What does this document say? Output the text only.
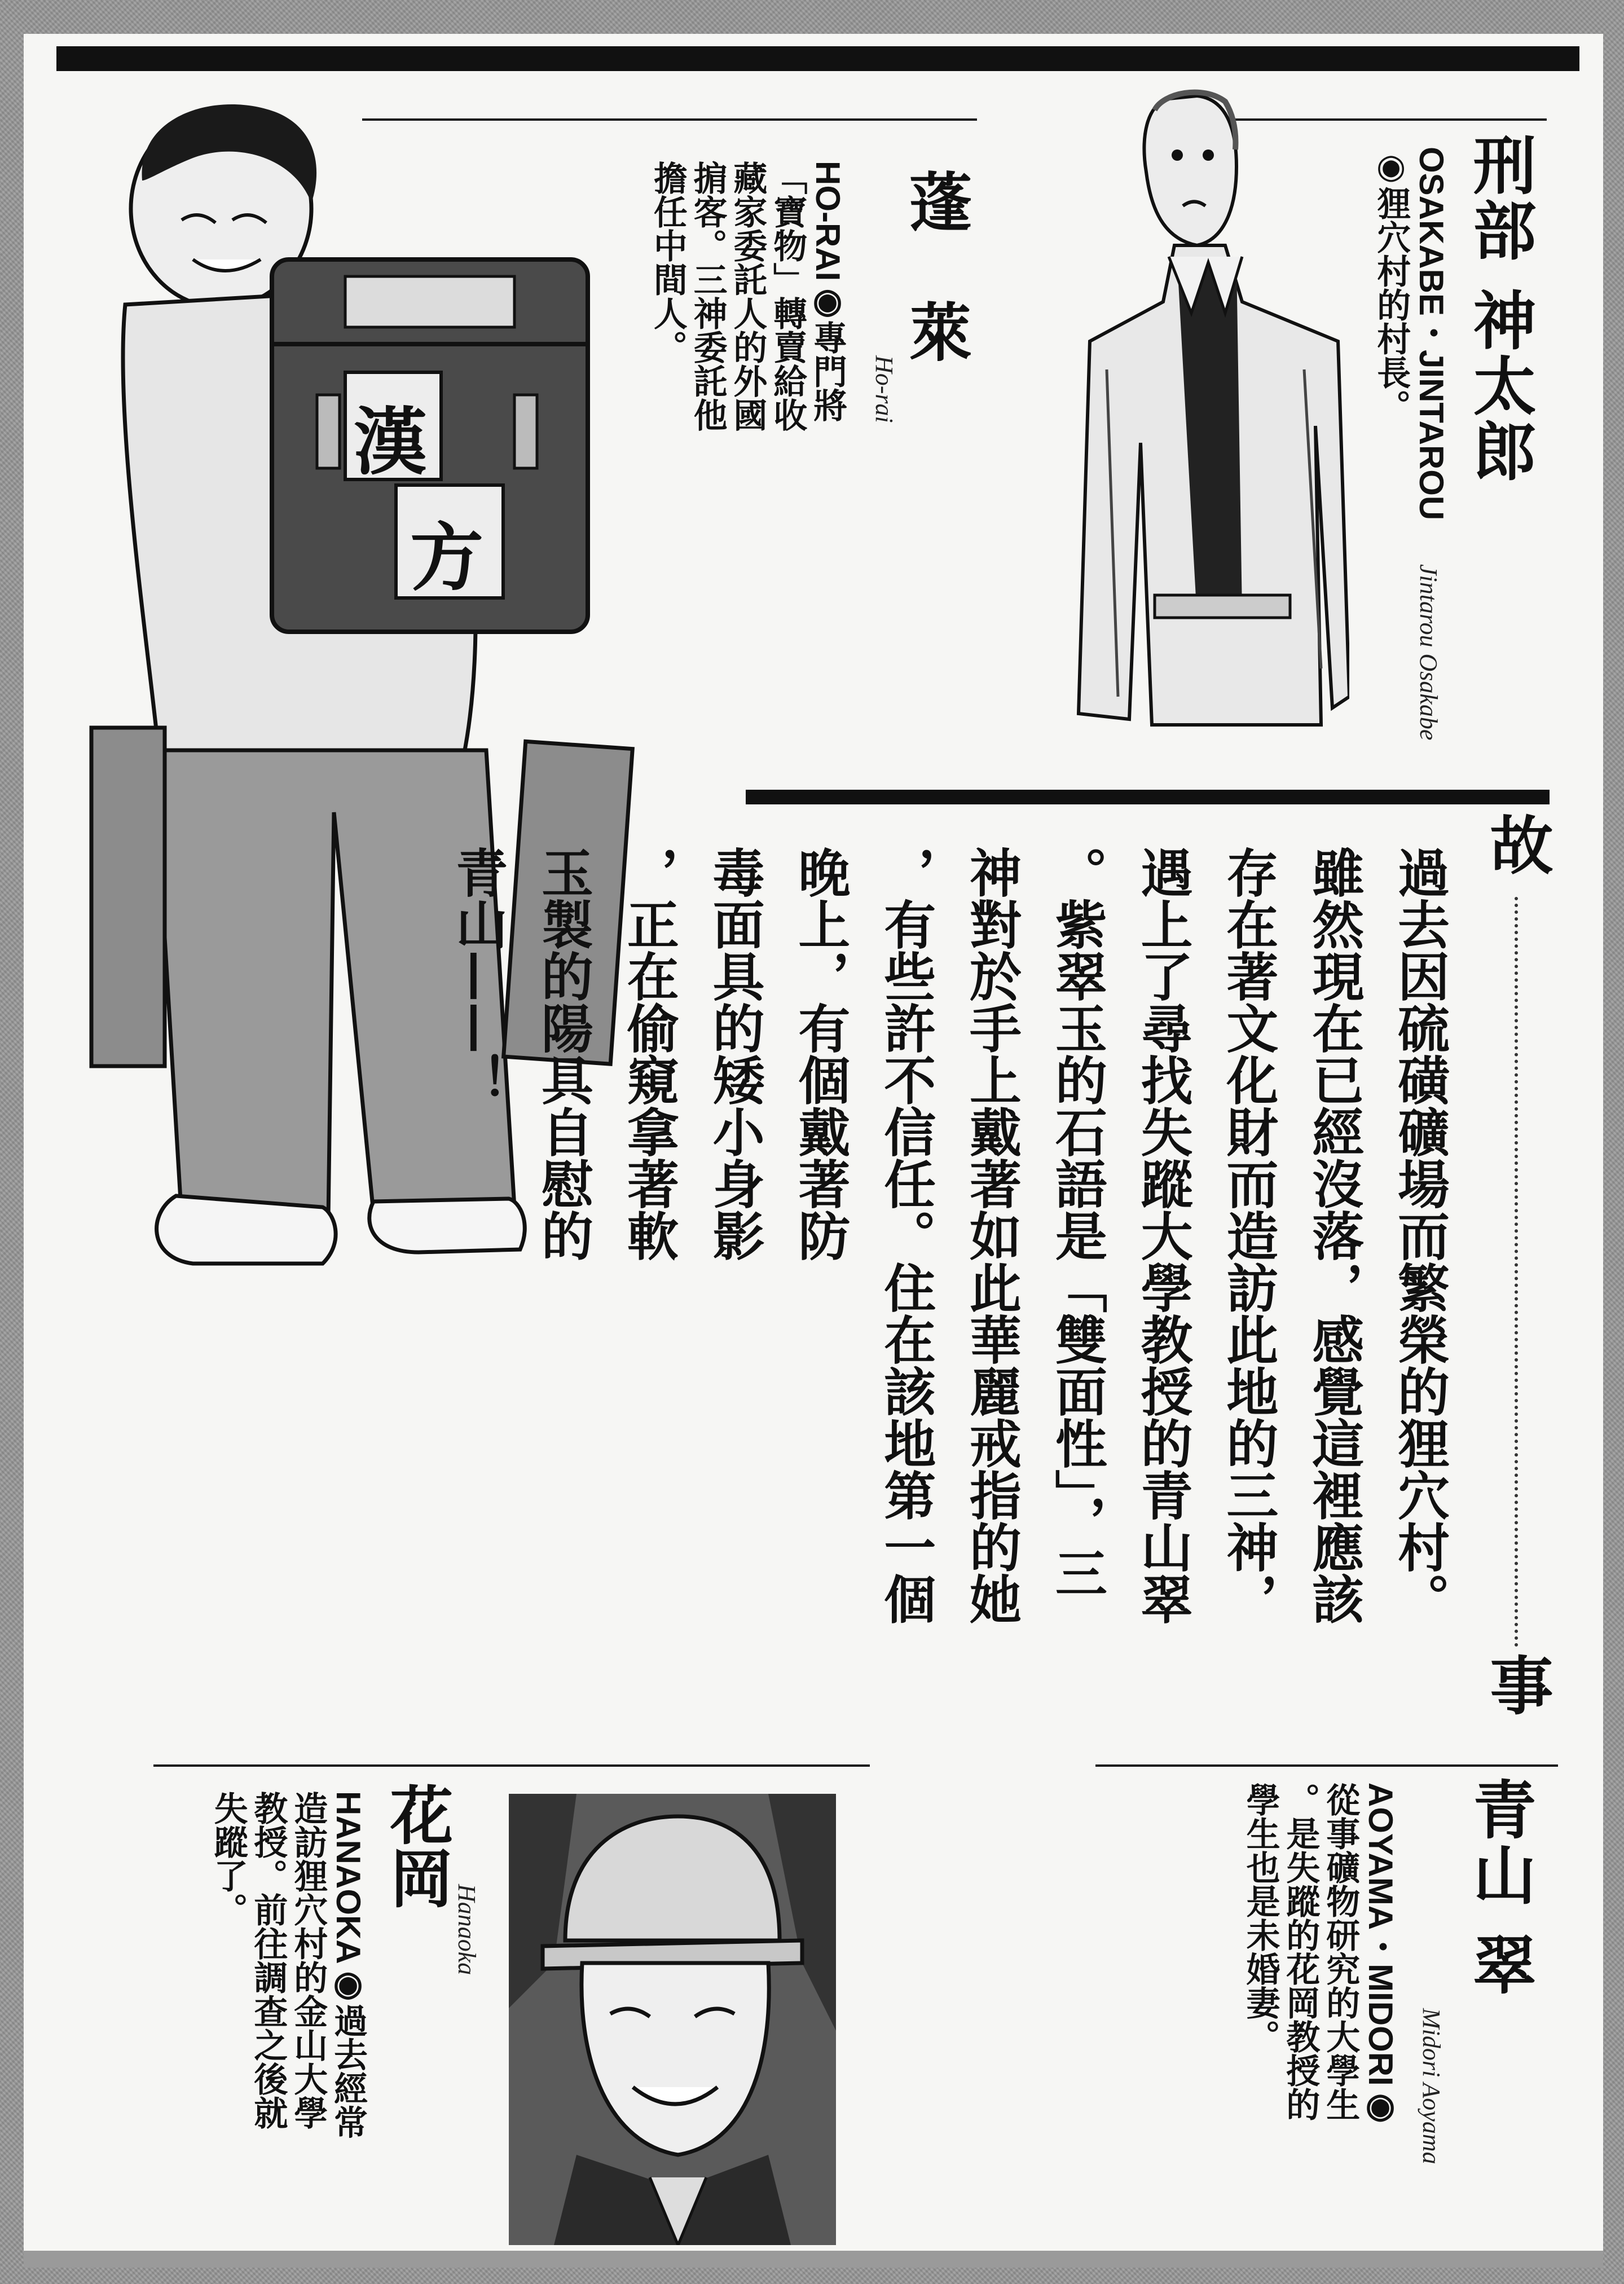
刑部 神太郎
Jintarou Osakabe

OSAKABE・JINTAROU

◉狸穴村的村長。

蓬 萊
Ho-rai

HO-RAI◉專門將

「寶物」轉賣給收

藏家委託人的外國

掮客。三神委託他

擔任中間人。

漢
方
故
事

過去因硫磺礦場而繁榮的狸穴村。

雖然現在已經沒落，感覺這裡應該

存在著文化財而造訪此地的三神，

遇上了尋找失蹤大學教授的青山翠

。紫翠玉的石語是「雙面性」，三

神對於手上戴著如此華麗戒指的她

，有些許不信任。住在該地第一個

晚上，有個戴著防

毒面具的矮小身影

，正在偷窺拿著軟

玉製的陽具自慰的

青山——！

青山 翠
Midori Aoyama

AOYAMA・MIDORI◉

從事礦物研究的大學生

。是失蹤的花岡教授的

學生也是未婚妻。

花岡
Hanaoka

HANAOKA◉過去經常

造訪狸穴村的金山大學

教授。前往調查之後就

失蹤了。
